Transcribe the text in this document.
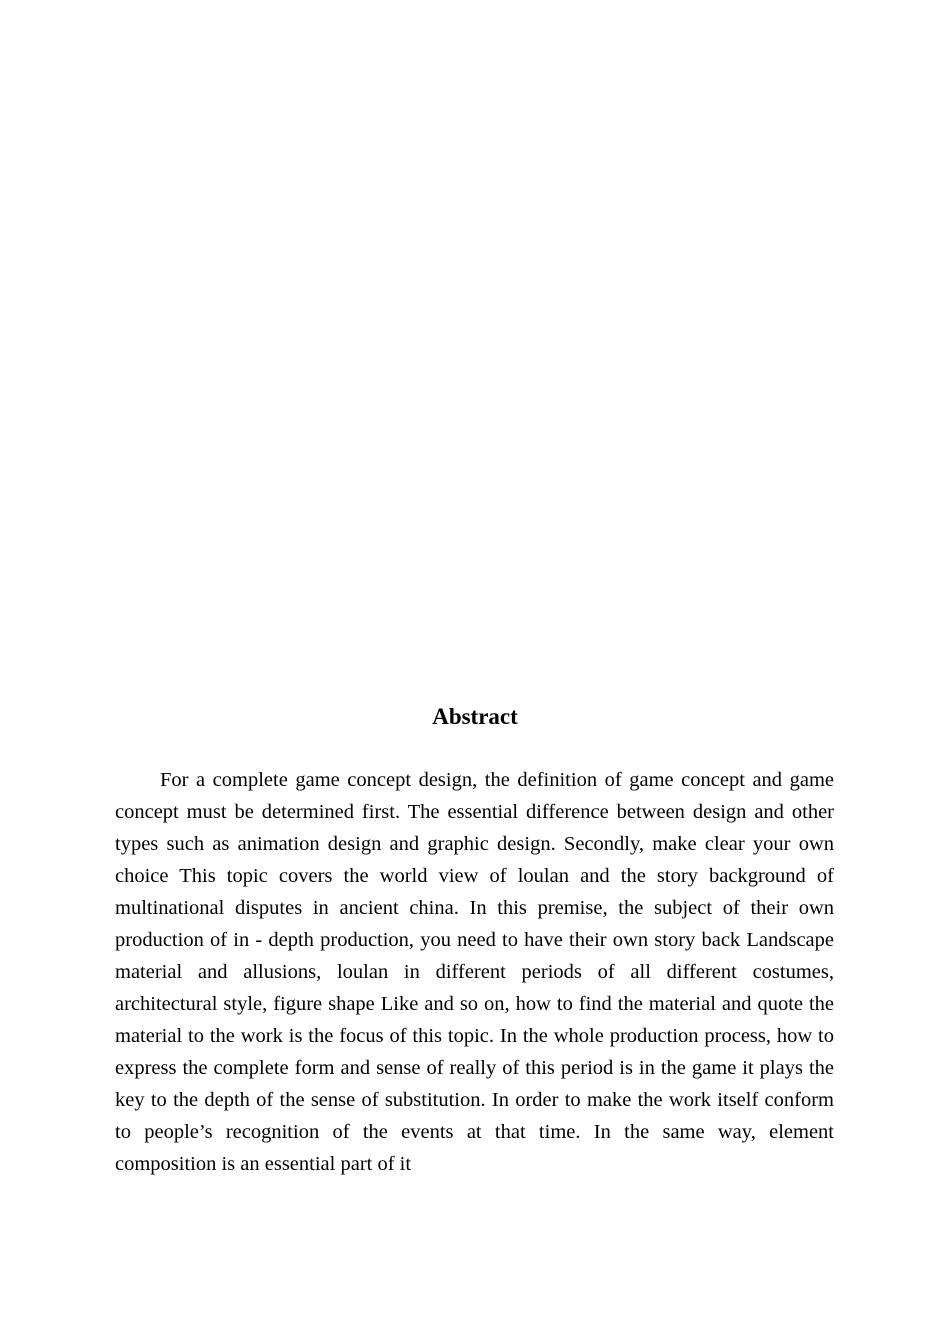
Abstract

For a complete game concept design, the definition of game concept and game concept must be determined first. The essential difference between design and other types such as animation design and graphic design. Secondly, make clear your own choice This topic covers the world view of loulan and the story background of multinational disputes in ancient china. In this premise, the subject of their own production of in - depth production, you need to have their own story back Landscape material and allusions, loulan in different periods of all different costumes, architectural style, figure shape Like and so on, how to find the material and quote the material to the work is the focus of this topic. In the whole production process, how to express the complete form and sense of really of this period is in the game it plays the key to the depth of the sense of substitution. In order to make the work itself conform to people’s recognition of the events at that time. In the same way, element composition is an essential part of it
